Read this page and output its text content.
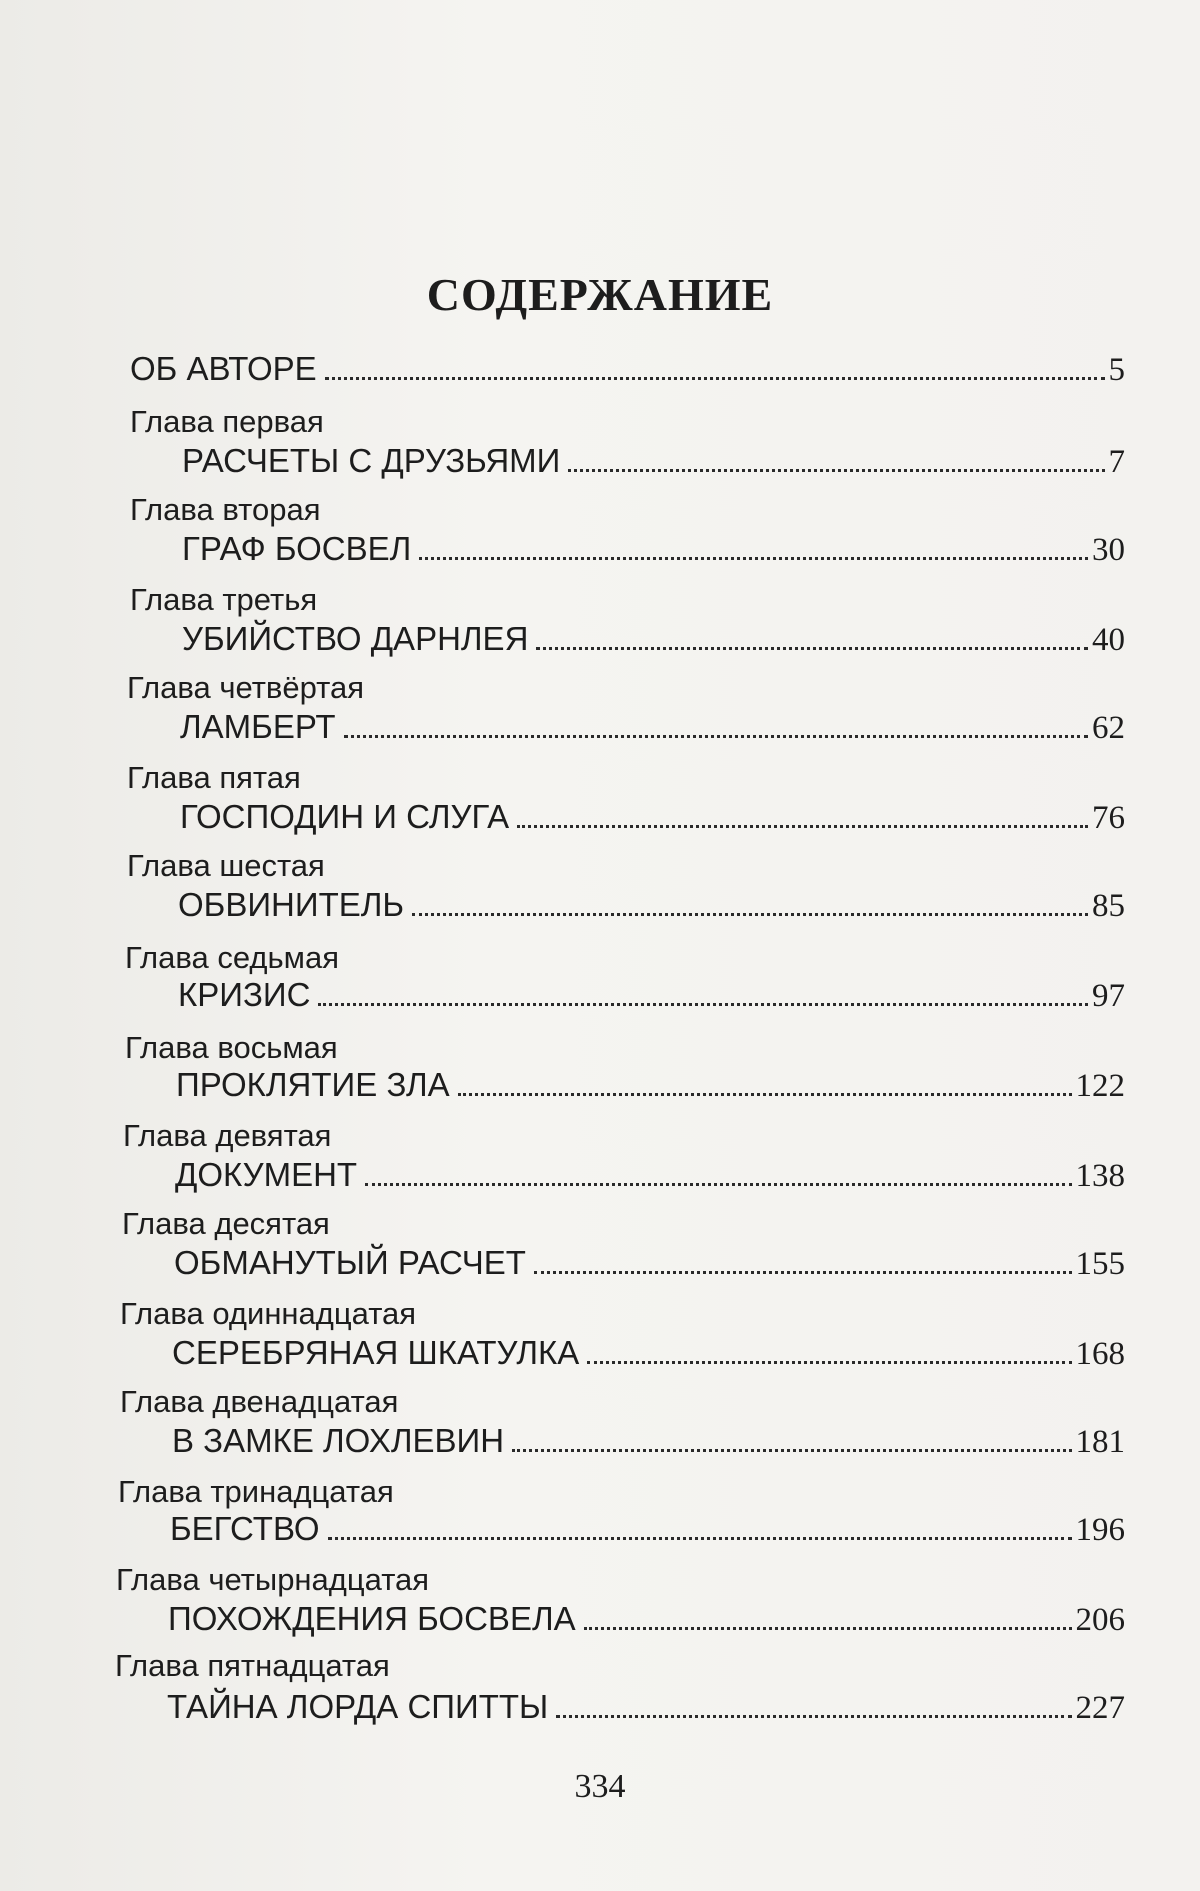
СОДЕРЖАНИЕ
ОБ АВТОРЕ	5
Глава первая
РАСЧЕТЫ С ДРУЗЬЯМИ	7
Глава вторая
ГРАФ БОСВЕЛ	30
Глава третья
УБИЙСТВО ДАРНЛЕЯ	40
Глава четвёртая
ЛАМБЕРТ	62
Глава пятая
ГОСПОДИН И СЛУГА	76
Глава шестая
ОБВИНИТЕЛЬ	85
Глава седьмая
КРИЗИС	97
Глава восьмая
ПРОКЛЯТИЕ ЗЛА	122
Глава девятая
ДОКУМЕНТ	138
Глава десятая
ОБМАНУТЫЙ РАСЧЕТ	155
Глава одиннадцатая
СЕРЕБРЯНАЯ ШКАТУЛКА	168
Глава двенадцатая
В ЗАМКЕ ЛОХЛЕВИН	181
Глава тринадцатая
БЕГСТВО	196
Глава четырнадцатая
ПОХОЖДЕНИЯ БОСВЕЛА	206
Глава пятнадцатая
ТАЙНА ЛОРДА СПИТТЫ	227
334
